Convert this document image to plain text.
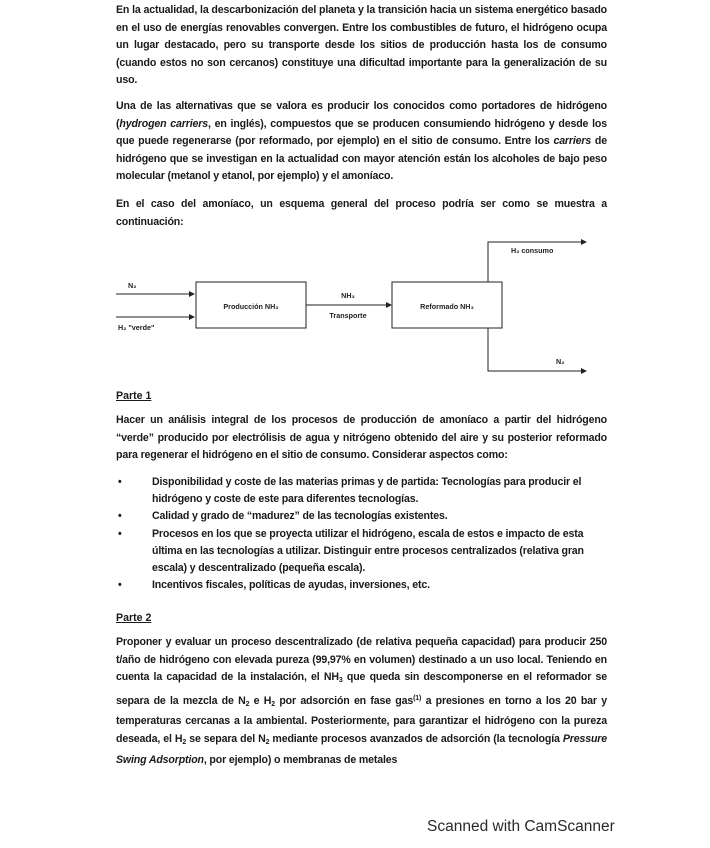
En la actualidad, la descarbonización del planeta y la transición hacia un sistema energético basado en el uso de energías renovables convergen. Entre los combustibles de futuro, el hidrógeno ocupa un lugar destacado, pero su transporte desde los sitios de producción hasta los de consumo (cuando estos no son cercanos) constituye una dificultad importante para la generalización de su uso.

Una de las alternativas que se valora es producir los conocidos como portadores de hidrógeno (hydrogen carriers, en inglés), compuestos que se producen consumiendo hidrógeno y desde los que puede regenerarse (por reformado, por ejemplo) en el sitio de consumo. Entre los carriers de hidrógeno que se investigan en la actualidad con mayor atención están los alcoholes de bajo peso molecular (metanol y etanol, por ejemplo) y el amoníaco.

En el caso del amoníaco, un esquema general del proceso podría ser como se muestra a continuación:

N₂
H₂ "verde"
Producción NH₃
NH₃
Transporte
Reformado NH₃
H₂ consumo
N₂

Parte 1

Hacer un análisis integral de los procesos de producción de amoníaco a partir del hidrógeno “verde” producido por electrólisis de agua y nitrógeno obtenido del aire y su posterior reformado para regenerar el hidrógeno en el sitio de consumo. Considerar aspectos como:

•	Disponibilidad y coste de las materias primas y de partida: Tecnologías para producir el hidrógeno y coste de este para diferentes tecnologías.
•	Calidad y grado de “madurez” de las tecnologías existentes.
•	Procesos en los que se proyecta utilizar el hidrógeno, escala de estos e impacto de esta última en las tecnologías a utilizar. Distinguir entre procesos centralizados (relativa gran escala) y descentralizado (pequeña escala).
•	Incentivos fiscales, políticas de ayudas, inversiones, etc.

Parte 2

Proponer y evaluar un proceso descentralizado (de relativa pequeña capacidad) para producir 250 t/año de hidrógeno con elevada pureza (99,97% en volumen) destinado a un uso local. Teniendo en cuenta la capacidad de la instalación, el $NH_3$ que queda sin descomponerse en el reformador se separa de la mezcla de $N_2$ e $H_2$ por adsorción en fase gas$^{(1)}$ a presiones en torno a los 20 bar y temperaturas cercanas a la ambiental. Posteriormente, para garantizar el hidrógeno con la pureza deseada, el $H_2$ se separa del $N_2$ mediante procesos avanzados de adsorción (la tecnología Pressure Swing Adsorption, por ejemplo) o membranas de metales

Scanned with CamScanner
